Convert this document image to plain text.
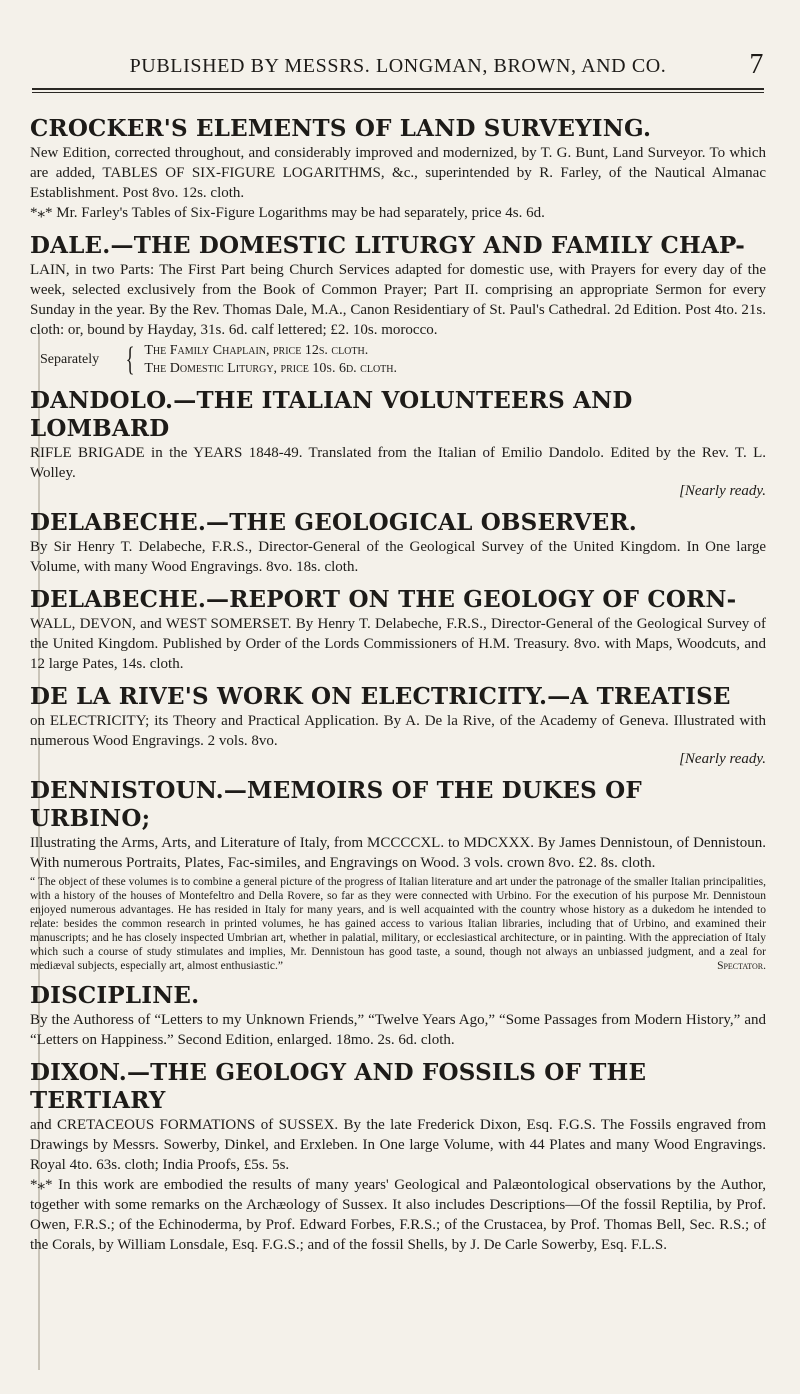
PUBLISHED BY MESSRS. LONGMAN, BROWN, AND CO.	7
CROCKER'S ELEMENTS OF LAND SURVEYING.
New Edition, corrected throughout, and considerably improved and modernized, by T. G. Bunt, Land Surveyor. To which are added, TABLES OF SIX-FIGURE LOGARITHMS, &c., superintended by R. Farley, of the Nautical Almanac Establishment. Post 8vo. 12s. cloth.
*⁎* Mr. Farley's Tables of Six-Figure Logarithms may be had separately, price 4s. 6d.
DALE.—THE DOMESTIC LITURGY AND FAMILY CHAP-
LAIN, in two Parts: The First Part being Church Services adapted for domestic use, with Prayers for every day of the week, selected exclusively from the Book of Common Prayer; Part II. comprising an appropriate Sermon for every Sunday in the year. By the Rev. Thomas Dale, M.A., Canon Residentiary of St. Paul's Cathedral. 2d Edition. Post 4to. 21s. cloth: or, bound by Hayday, 31s. 6d. calf lettered; £2. 10s. morocco.
Separately { The Family Chaplain, price 12s. cloth.
The Domestic Liturgy, price 10s. 6d. cloth.
DANDOLO.—THE ITALIAN VOLUNTEERS AND LOMBARD
RIFLE BRIGADE in the YEARS 1848-49. Translated from the Italian of Emilio Dandolo. Edited by the Rev. T. L. Wolley.
[Nearly ready.
DELABECHE.—THE GEOLOGICAL OBSERVER.
By Sir Henry T. Delabeche, F.R.S., Director-General of the Geological Survey of the United Kingdom. In One large Volume, with many Wood Engravings. 8vo. 18s. cloth.
DELABECHE.—REPORT ON THE GEOLOGY OF CORN-
WALL, DEVON, and WEST SOMERSET. By Henry T. Delabeche, F.R.S., Director-General of the Geological Survey of the United Kingdom. Published by Order of the Lords Commissioners of H.M. Treasury. 8vo. with Maps, Woodcuts, and 12 large Pates, 14s. cloth.
DE LA RIVE'S WORK ON ELECTRICITY.—A TREATISE
on ELECTRICITY; its Theory and Practical Application. By A. De la Rive, of the Academy of Geneva. Illustrated with numerous Wood Engravings. 2 vols. 8vo.
[Nearly ready.
DENNISTOUN.—MEMOIRS OF THE DUKES OF URBINO;
Illustrating the Arms, Arts, and Literature of Italy, from MCCCCXL. to MDCXXX. By James Dennistoun, of Dennistoun. With numerous Portraits, Plates, Fac-similes, and Engravings on Wood. 3 vols. crown 8vo. £2. 8s. cloth.
“ The object of these volumes is to combine a general picture of the progress of Italian literature and art under the patronage of the smaller Italian principalities, with a history of the houses of Montefeltro and Della Rovere, so far as they were connected with Urbino. For the execution of his purpose Mr. Dennistoun enjoyed numerous advantages. He has resided in Italy for many years, and is well acquainted with the country whose history as a dukedom he intended to relate: besides the common research in printed volumes, he has gained access to various Italian libraries, including that of Urbino, and examined their manuscripts; and he has closely inspected Umbrian art, whether in palatial, military, or ecclesiastical architecture, or in painting. With the appreciation of Italy which such a course of study stimulates and implies, Mr. Dennistoun has good taste, a sound, though not always an unbiassed judgment, and a zeal for mediæval subjects, especially art, almost enthusiastic.”	Spectator.
DISCIPLINE.
By the Authoress of “Letters to my Unknown Friends,” “Twelve Years Ago,” “Some Passages from Modern History,” and “Letters on Happiness.” Second Edition, enlarged. 18mo. 2s. 6d. cloth.
DIXON.—THE GEOLOGY AND FOSSILS OF THE TERTIARY
and CRETACEOUS FORMATIONS of SUSSEX. By the late Frederick Dixon, Esq. F.G.S. The Fossils engraved from Drawings by Messrs. Sowerby, Dinkel, and Erxleben. In One large Volume, with 44 Plates and many Wood Engravings. Royal 4to. 63s. cloth; India Proofs, £5s. 5s.
*⁎* In this work are embodied the results of many years' Geological and Palæontological observations by the Author, together with some remarks on the Archæology of Sussex. It also includes Descriptions—Of the fossil Reptilia, by Prof. Owen, F.R.S.; of the Echinoderma, by Prof. Edward Forbes, F.R.S.; of the Crustacea, by Prof. Thomas Bell, Sec. R.S.; of the Corals, by William Lonsdale, Esq. F.G.S.; and of the fossil Shells, by J. De Carle Sowerby, Esq. F.L.S.
